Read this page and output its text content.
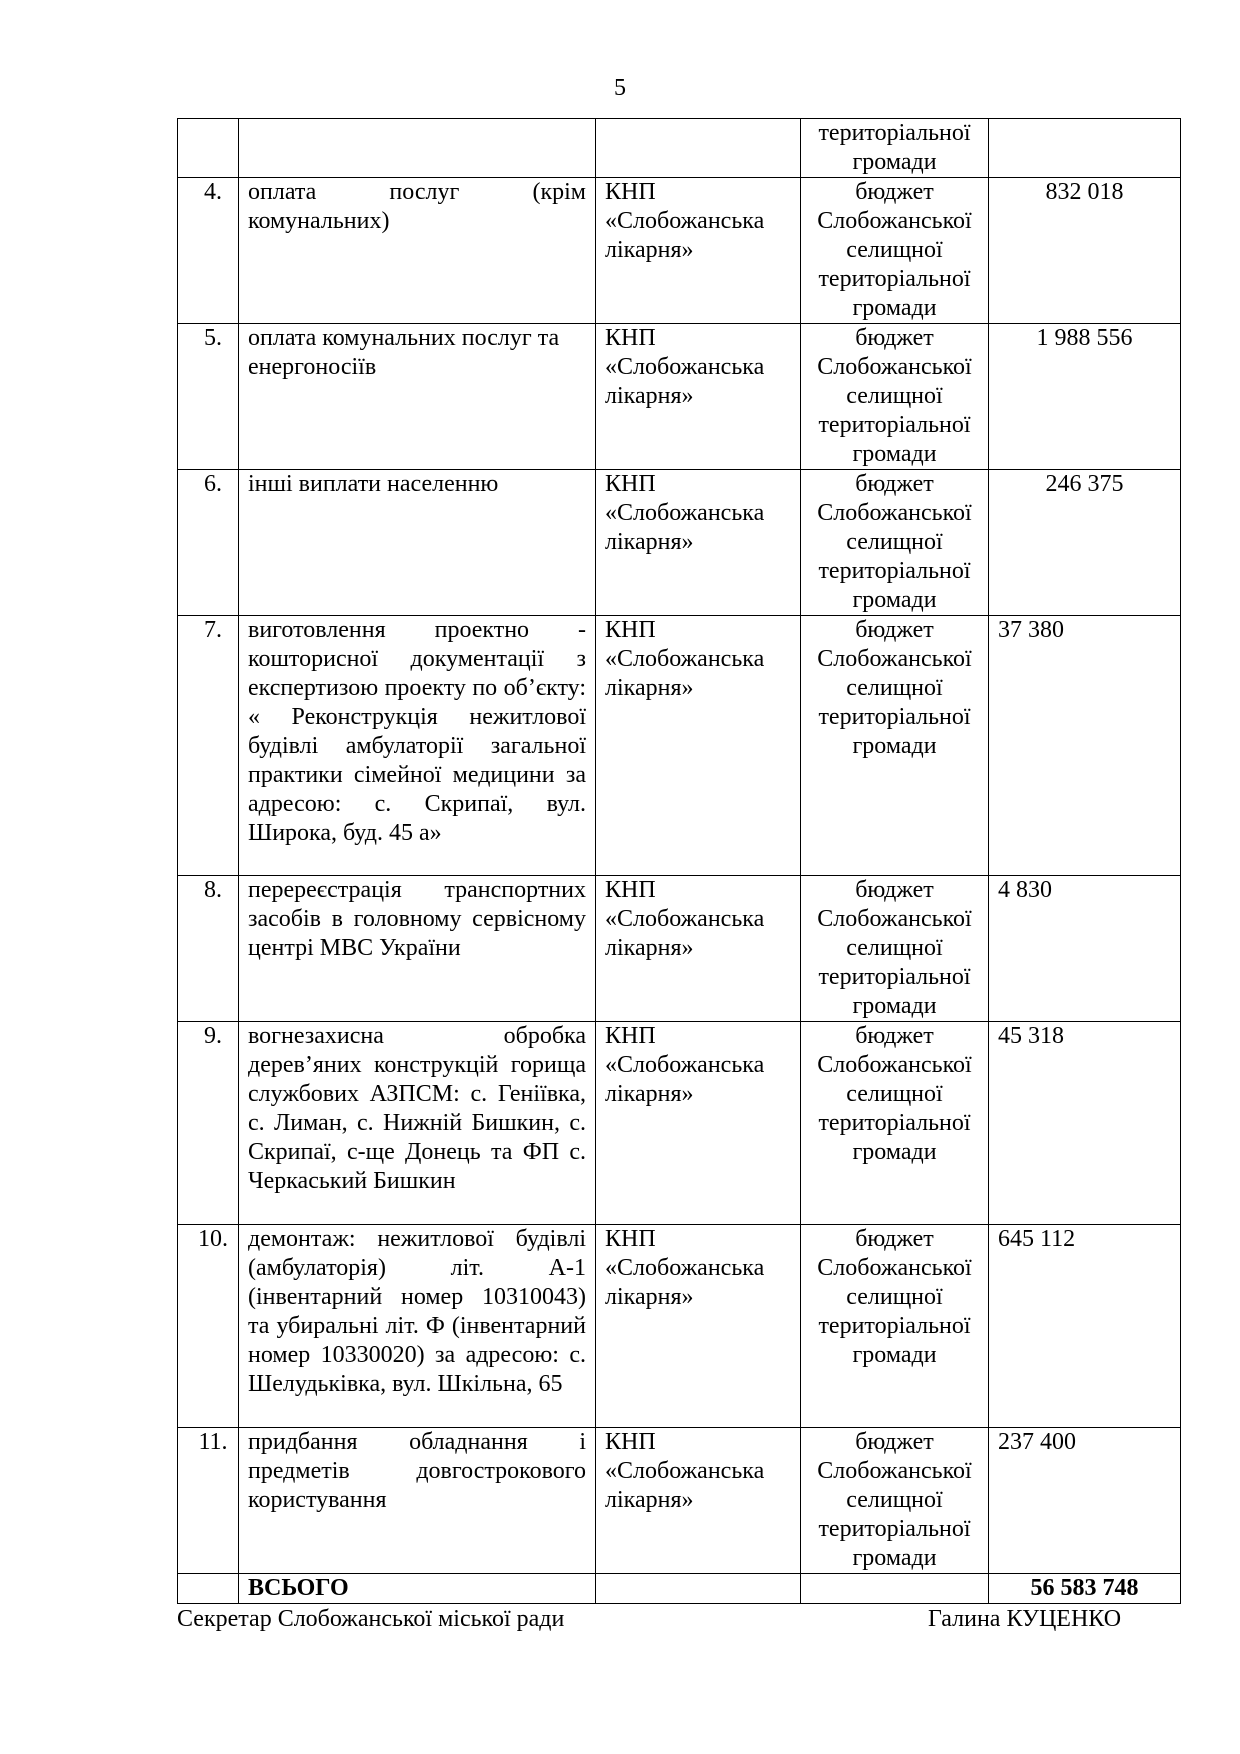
5
			територіальної громади	
4.	оплата послуг (крім комунальних)	КНП «Слобожанська лікарня»	бюджет Слобожанської селищної територіальної громади	832 018
5.	оплата комунальних послуг та енергоносіїв	КНП «Слобожанська лікарня»	бюджет Слобожанської селищної територіальної громади	1 988 556
6.	інші виплати населенню	КНП «Слобожанська лікарня»	бюджет Слобожанської селищної територіальної громади	246 375
7.	виготовлення проектно - кошторисної документації з експертизою проекту по об’єкту: « Реконструкція нежитлової будівлі амбулаторії загальної практики сімейної медицини за адресою: с. Скрипаї, вул. Широка, буд. 45 а»	КНП «Слобожанська лікарня»	бюджет Слобожанської селищної територіальної громади	37 380
8.	перереєстрація транспортних засобів в головному сервісному центрі МВС України	КНП «Слобожанська лікарня»	бюджет Слобожанської селищної територіальної громади	4 830
9.	вогнезахисна обробка дерев’яних конструкцій горища службових АЗПСМ: с. Геніївка, с. Лиман, с. Нижній Бишкин, с. Скрипаї, с-ще Донець та ФП с. Черкаський Бишкин	КНП «Слобожанська лікарня»	бюджет Слобожанської селищної територіальної громади	45 318
10.	демонтаж: нежитлової будівлі (амбулаторія) літ. А-1 (інвентарний номер 10310043) та убиральні літ. Ф (інвентарний номер 10330020) за адресою: с. Шелудьківка, вул. Шкільна, 65	КНП «Слобожанська лікарня»	бюджет Слобожанської селищної територіальної громади	645 112
11.	придбання обладнання і предметів довгострокового користування	КНП «Слобожанська лікарня»	бюджет Слобожанської селищної територіальної громади	237 400
	ВСЬОГО			56 583 748
Секретар Слобожанської міської ради	Галина КУЦЕНКО
